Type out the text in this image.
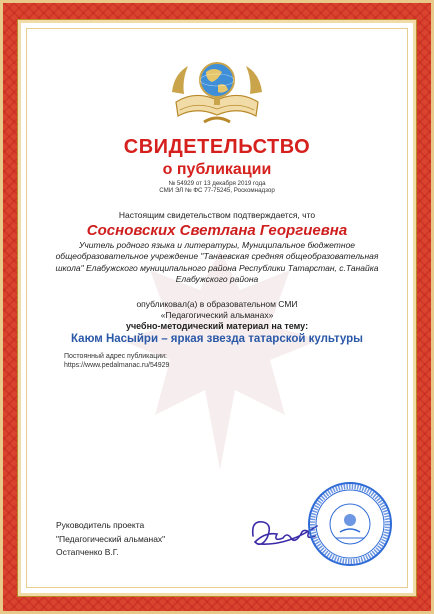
СВИДЕТЕЛЬСТВО
о публикации
№ 54929 от 13 декабря 2019 года
СМИ ЭЛ № ФС 77-75245, Роскомнадзор
Настоящим свидетельством подтверждается, что
Сосновских Светлана Георгиевна
Учитель родного языка и литературы, Муниципальное бюджетное общеобразовательное учреждение "Танаевская средняя общеобразовательная школа" Елабужского муниципального района Республики Татарстан, с.Танайка Елабужского района
опубликовал(а) в образовательном СМИ
«Педагогический альманах»
учебно-методический материал на тему:
Каюм Насыйри – яркая звезда татарской культуры
Постоянный адрес публикации:
https://www.pedalmanac.ru/54929
Руководитель проекта
"Педагогический альманах"
Остапченко В.Г.
